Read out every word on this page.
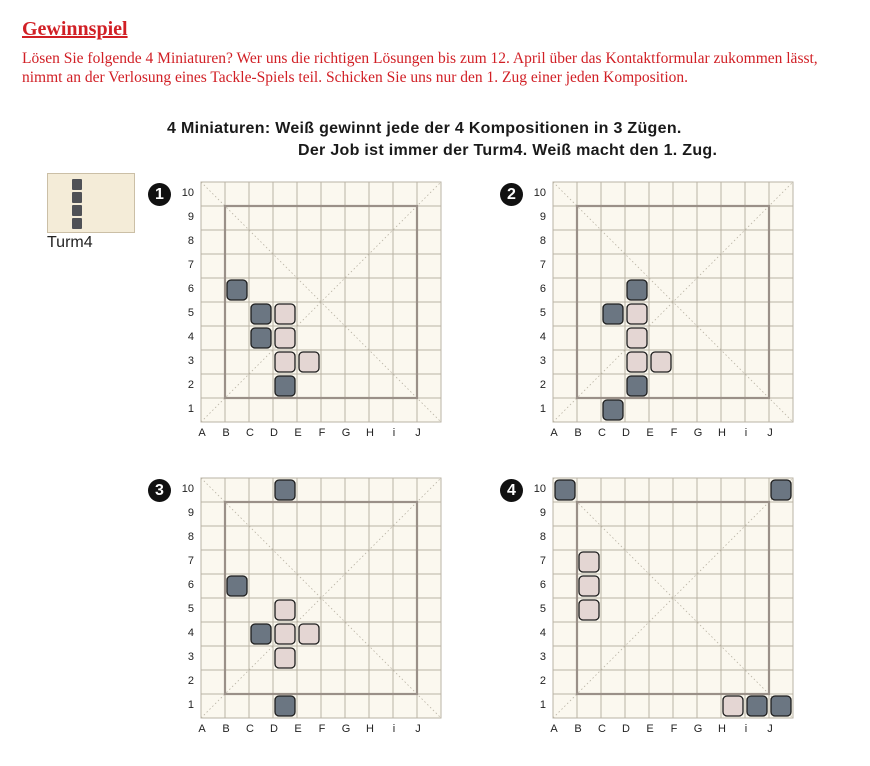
Gewinnspiel
Lösen Sie folgende 4 Miniaturen? Wer uns die richtigen Lösungen bis zum 12. April über das Kontaktformular zukommen lässt, nimmt an der Verlosung eines Tackle-Spiels teil. Schicken Sie uns nur den 1. Zug einer jeden Komposition.
4 Miniaturen: Weiß gewinnt jede der 4 Kompositionen in 3 Zügen.
Der Job ist immer der Turm4. Weiß macht den 1. Zug.
Turm4
1	10
9
8
7
6
5
4
3
2
1
A	B	C	D	E	F	G	H	i	J
2	10
9
8
7
6
5
4
3
2
1
A	B	C	D	E	F	G	H	i	J
3	10
9
8
7
6
5
4
3
2
1
A	B	C	D	E	F	G	H	i	J
4	10
9
8
7
6
5
4
3
2
1
A	B	C	D	E	F	G	H	i	J
